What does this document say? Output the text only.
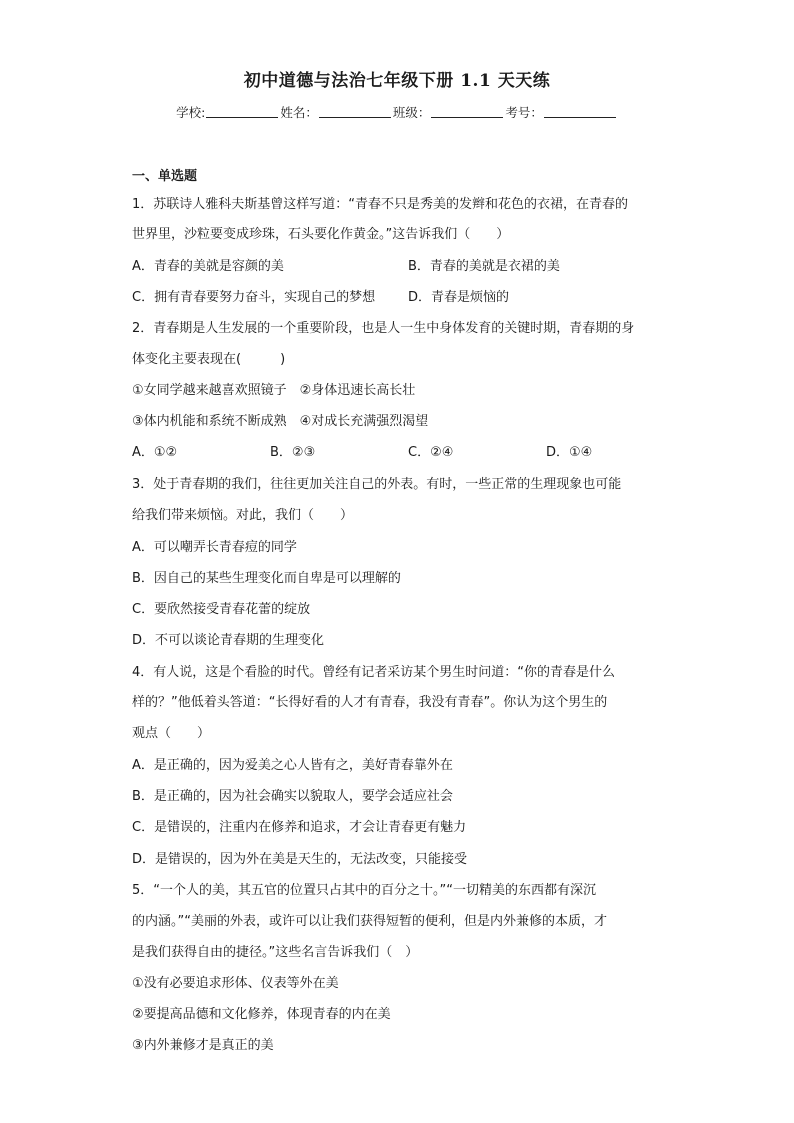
初中道德与法治七年级下册 1.1 天天练
学校:	姓名：	班级：	考号：
一、单选题
1．苏联诗人雅科夫斯基曾这样写道：“青春不只是秀美的发辫和花色的衣裙，在青春的
世界里，沙粒要变成珍珠，石头要化作黄金。”这告诉我们（　　）
A．青春的美就是容颜的美	B．青春的美就是衣裙的美
C．拥有青春要努力奋斗，实现自己的梦想	D．青春是烦恼的
2．青春期是人生发展的一个重要阶段，也是人一生中身体发育的关键时期，青春期的身
体变化主要表现在(　　　)
①女同学越来越喜欢照镜子　②身体迅速长高长壮
③体内机能和系统不断成熟　④对成长充满强烈渴望
A．①②	B．②③	C．②④	D．①④
3．处于青春期的我们，往往更加关注自己的外表。有时，一些正常的生理现象也可能
给我们带来烦恼。对此，我们（　　）
A．可以嘲弄长青春痘的同学
B．因自己的某些生理变化而自卑是可以理解的
C．要欣然接受青春花蕾的绽放
D．不可以谈论青春期的生理变化
4．有人说，这是个看脸的时代。曾经有记者采访某个男生时问道：“你的青春是什么
样的？”他低着头答道：“长得好看的人才有青春，我没有青春”。你认为这个男生的
观点（　　）
A．是正确的，因为爱美之心人皆有之，美好青春靠外在
B．是正确的，因为社会确实以貌取人，要学会适应社会
C．是错误的，注重内在修养和追求，才会让青春更有魅力
D．是错误的，因为外在美是天生的，无法改变，只能接受
5．“一个人的美，其五官的位置只占其中的百分之十。”“一切精美的东西都有深沉
的内涵。”“美丽的外表，或许可以让我们获得短暂的便利，但是内外兼修的本质，才
是我们获得自由的捷径。”这些名言告诉我们（　）
①没有必要追求形体、仪表等外在美
②要提高品德和文化修养，体现青春的内在美
③内外兼修才是真正的美
